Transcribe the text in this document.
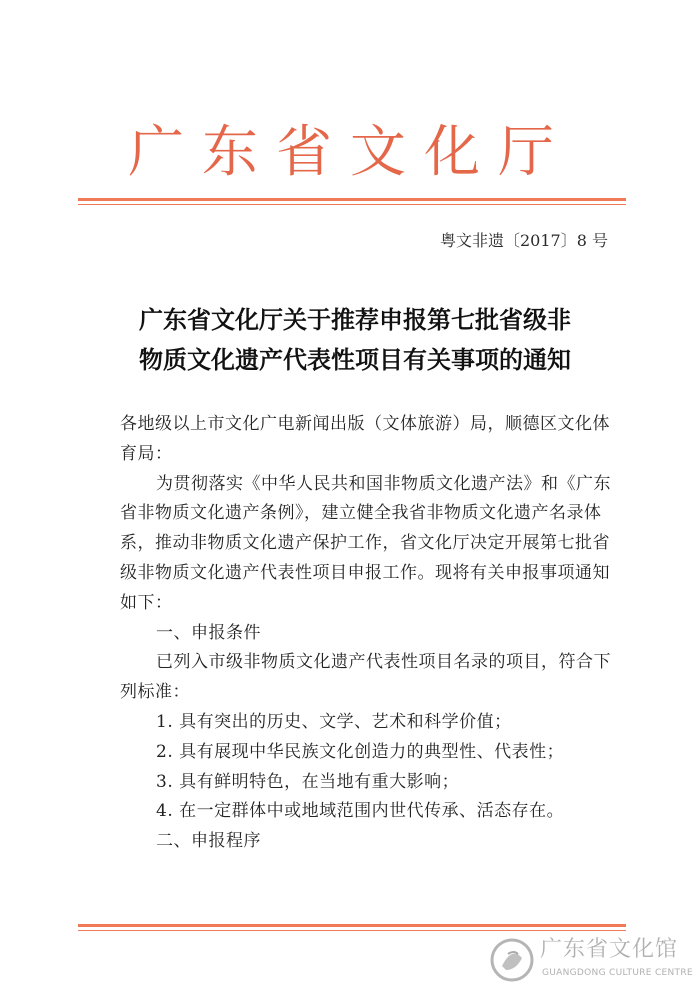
广东省文化厅
粤文非遗〔2017〕8 号
广东省文化厅关于推荐申报第七批省级非
物质文化遗产代表性项目有关事项的通知

各地级以上市文化广电新闻出版（文体旅游）局，顺德区文化体育局：

为贯彻落实《中华人民共和国非物质文化遗产法》和《广东省非物质文化遗产条例》，建立健全我省非物质文化遗产名录体系，推动非物质文化遗产保护工作，省文化厅决定开展第七批省级非物质文化遗产代表性项目申报工作。现将有关申报事项通知如下：

一、申报条件

已列入市级非物质文化遗产代表性项目名录的项目，符合下列标准：

1. 具有突出的历史、文学、艺术和科学价值；

2. 具有展现中华民族文化创造力的典型性、代表性；

3. 具有鲜明特色，在当地有重大影响；

4. 在一定群体中或地域范围内世代传承、活态存在。

二、申报程序

广东省文化馆
GUANGDONG CULTURE CENTRE
